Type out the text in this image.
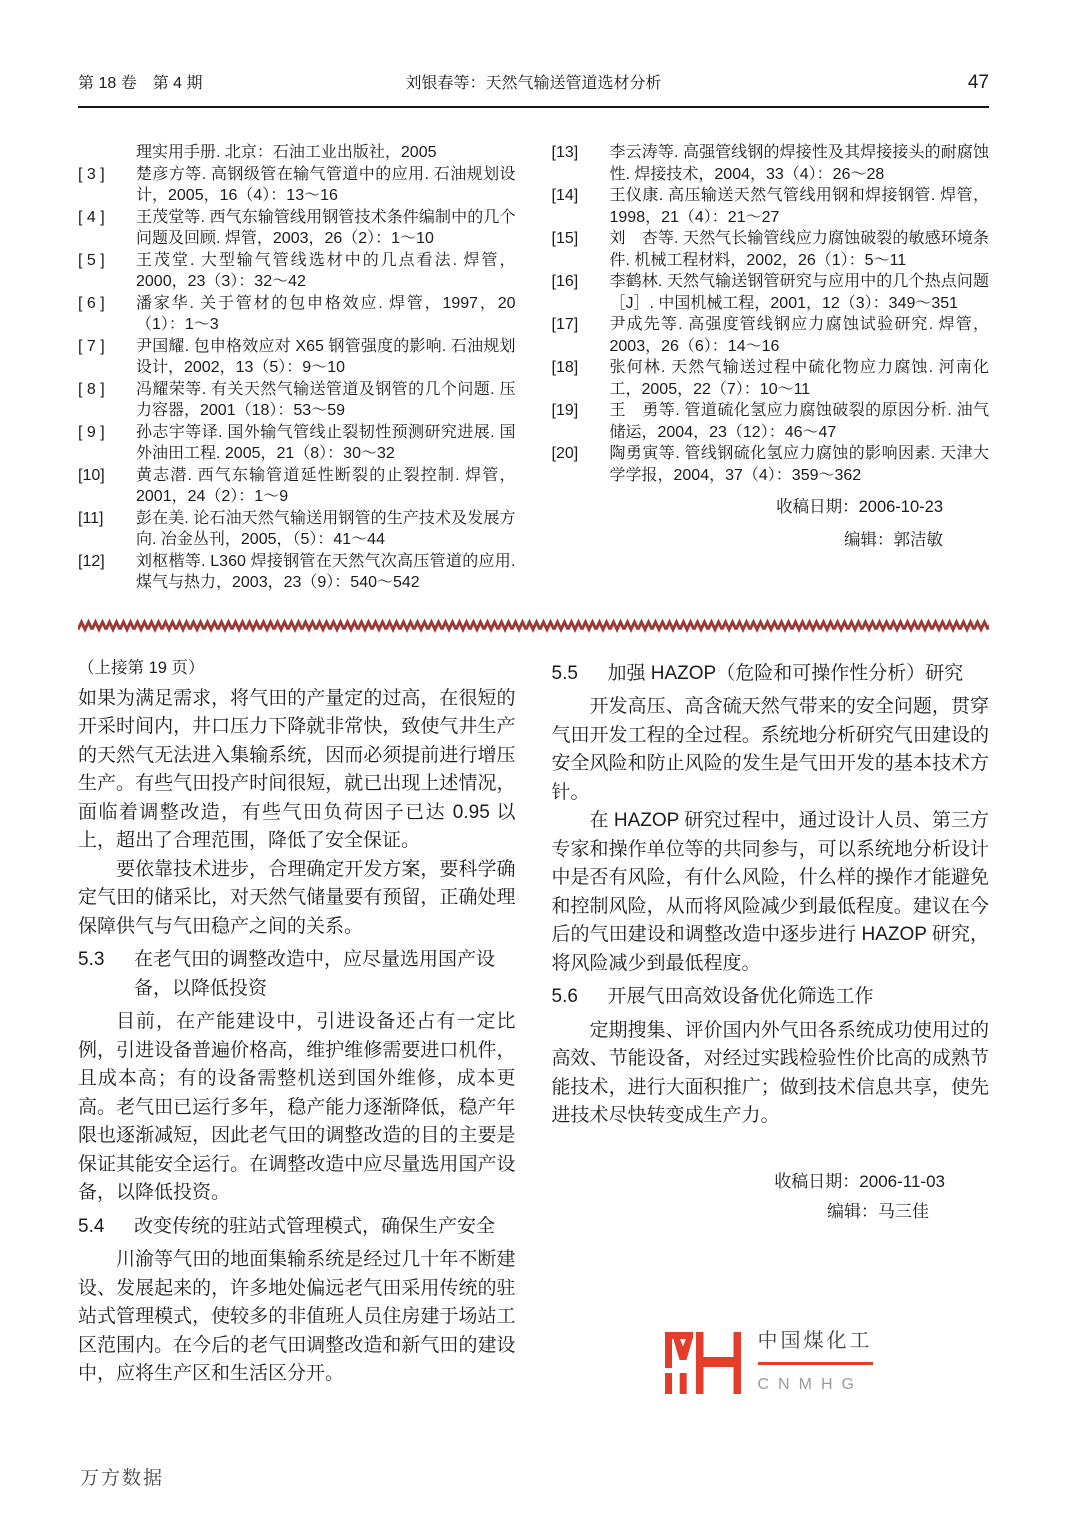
第 18 卷　第 4 期	刘银春等：天然气输送管道选材分析	47
理实用手册. 北京：石油工业出版社，2005
[ 3 ]	楚彦方等. 高钢级管在输气管道中的应用. 石油规划设计，2005，16（4）：13～16
[ 4 ]	王茂堂等. 西气东输管线用钢管技术条件编制中的几个问题及回顾. 焊管，2003，26（2）：1～10
[ 5 ]	王茂堂. 大型输气管线选材中的几点看法. 焊管，2000，23（3）：32～42
[ 6 ]	潘家华. 关于管材的包申格效应. 焊管，1997，20（1）：1～3
[ 7 ]	尹国耀. 包申格效应对 X65 钢管强度的影响. 石油规划设计，2002，13（5）：9～10
[ 8 ]	冯耀荣等. 有关天然气输送管道及钢管的几个问题. 压力容器，2001（18）：53～59
[ 9 ]	孙志宇等译. 国外输气管线止裂韧性预测研究进展. 国外油田工程. 2005，21（8）：30～32
[10]	黄志潜. 西气东输管道延性断裂的止裂控制. 焊管，2001，24（2）：1～9
[11]	彭在美. 论石油天然气输送用钢管的生产技术及发展方向. 冶金丛刊，2005，（5）：41～44
[12]	刘枢楷等. L360 焊接钢管在天然气次高压管道的应用. 煤气与热力，2003，23（9）：540～542
[13]	李云涛等. 高强管线钢的焊接性及其焊接接头的耐腐蚀性. 焊接技术，2004，33（4）：26～28
[14]	王仪康. 高压输送天然气管线用钢和焊接钢管. 焊管，1998，21（4）：21～27
[15]	刘　杏等. 天然气长输管线应力腐蚀破裂的敏感环境条件. 机械工程材料，2002，26（1）：5～11
[16]	李鹤林. 天然气输送钢管研究与应用中的几个热点问题［J］. 中国机械工程，2001，12（3）：349～351
[17]	尹成先等. 高强度管线钢应力腐蚀试验研究. 焊管，2003，26（6）：14～16
[18]	张何林. 天然气输送过程中硫化物应力腐蚀. 河南化工，2005，22（7）：10～11
[19]	王　勇等. 管道硫化氢应力腐蚀破裂的原因分析. 油气储运，2004，23（12）：46～47
[20]	陶勇寅等. 管线钢硫化氢应力腐蚀的影响因素. 天津大学学报，2004，37（4）：359～362
收稿日期：2006-10-23
编辑：郭洁敏
（上接第 19 页）

如果为满足需求，将气田的产量定的过高，在很短的开采时间内，井口压力下降就非常快，致使气井生产的天然气无法进入集输系统，因而必须提前进行增压生产。有些气田投产时间很短，就已出现上述情况，面临着调整改造，有些气田负荷因子已达 0.95 以上，超出了合理范围，降低了安全保证。

要依靠技术进步，合理确定开发方案，要科学确定气田的储采比，对天然气储量要有预留，正确处理保障供气与气田稳产之间的关系。

5.3	在老气田的调整改造中，应尽量选用国产设备，以降低投资

目前，在产能建设中，引进设备还占有一定比例，引进设备普遍价格高，维护维修需要进口机件，且成本高；有的设备需整机送到国外维修，成本更高。老气田已运行多年，稳产能力逐渐降低，稳产年限也逐渐减短，因此老气田的调整改造的目的主要是保证其能安全运行。在调整改造中应尽量选用国产设备，以降低投资。

5.4	改变传统的驻站式管理模式，确保生产安全

川渝等气田的地面集输系统是经过几十年不断建设、发展起来的，许多地处偏远老气田采用传统的驻站式管理模式，使较多的非值班人员住房建于场站工区范围内。在今后的老气田调整改造和新气田的建设中，应将生产区和生活区分开。

5.5	加强 HAZOP（危险和可操作性分析）研究

开发高压、高含硫天然气带来的安全问题，贯穿气田开发工程的全过程。系统地分析研究气田建设的安全风险和防止风险的发生是气田开发的基本技术方针。

在 HAZOP 研究过程中，通过设计人员、第三方专家和操作单位等的共同参与，可以系统地分析设计中是否有风险，有什么风险，什么样的操作才能避免和控制风险，从而将风险减少到最低程度。建议在今后的气田建设和调整改造中逐步进行 HAZOP 研究，将风险减少到最低程度。

5.6	开展气田高效设备优化筛选工作

定期搜集、评价国内外气田各系统成功使用过的高效、节能设备，对经过实践检验性价比高的成熟节能技术，进行大面积推广；做到技术信息共享，使先进技术尽快转变成生产力。

收稿日期：2006-11-03
编辑：马三佳
中国煤化工
CNMHG
万方数据
